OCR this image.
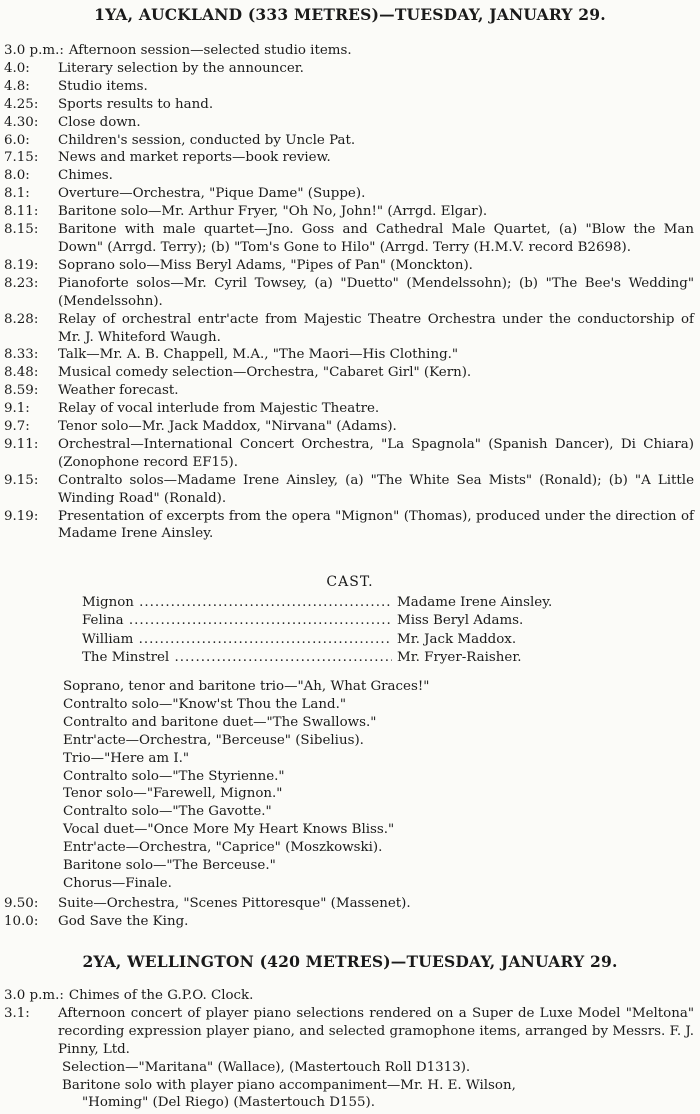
1YA, AUCKLAND (333 METRES)—TUESDAY, JANUARY 29.
3.0 p.m.: Afternoon session—selected studio items.
4.0:	Literary selection by the announcer.
4.8:	Studio items.
4.25:	Sports results to hand.
4.30:	Close down.
6.0:	Children's session, conducted by Uncle Pat.
7.15:	News and market reports—book review.
8.0:	Chimes.
8.1:	Overture—Orchestra, "Pique Dame" (Suppe).
8.11:	Baritone solo—Mr. Arthur Fryer, "Oh No, John!" (Arrgd. Elgar).
8.15:	Baritone with male quartet—Jno. Goss and Cathedral Male Quartet, (a) "Blow the Man Down" (Arrgd. Terry); (b) "Tom's Gone to Hilo" (Arrgd. Terry (H.M.V. record B2698).
8.19:	Soprano solo—Miss Beryl Adams, "Pipes of Pan" (Monckton).
8.23:	Pianoforte solos—Mr. Cyril Towsey, (a) "Duetto" (Mendelssohn); (b) "The Bee's Wedding" (Mendelssohn).
8.28:	Relay of orchestral entr'acte from Majestic Theatre Orchestra under the conductorship of Mr. J. Whiteford Waugh.
8.33:	Talk—Mr. A. B. Chappell, M.A., "The Maori—His Clothing."
8.48:	Musical comedy selection—Orchestra, "Cabaret Girl" (Kern).
8.59:	Weather forecast.
9.1:	Relay of vocal interlude from Majestic Theatre.
9.7:	Tenor solo—Mr. Jack Maddox, "Nirvana" (Adams).
9.11:	Orchestral—International Concert Orchestra, "La Spagnola" (Spanish Dancer), Di Chiara) (Zonophone record EF15).
9.15:	Contralto solos—Madame Irene Ainsley, (a) "The White Sea Mists" (Ronald); (b) "A Little Winding Road" (Ronald).
9.19:	Presentation of excerpts from the opera "Mignon" (Thomas), produced under the direction of Madame Irene Ainsley.
CAST.
Mignon .....	Madame Irene Ainsley.
Felina .....	Miss Beryl Adams.
William .....	Mr. Jack Maddox.
The Minstrel .....	Mr. Fryer-Raisher.
Soprano, tenor and baritone trio—"Ah, What Graces!"
Contralto solo—"Know'st Thou the Land."
Contralto and baritone duet—"The Swallows."
Entr'acte—Orchestra, "Berceuse" (Sibelius).
Trio—"Here am I."
Contralto solo—"The Styrienne."
Tenor solo—"Farewell, Mignon."
Contralto solo—"The Gavotte."
Vocal duet—"Once More My Heart Knows Bliss."
Entr'acte—Orchestra, "Caprice" (Moszkowski).
Baritone solo—"The Berceuse."
Chorus—Finale.
9.50:	Suite—Orchestra, "Scenes Pittoresque" (Massenet).
10.0:	God Save the King.
2YA, WELLINGTON (420 METRES)—TUESDAY, JANUARY 29.
3.0 p.m.: Chimes of the G.P.O. Clock.
3.1:	Afternoon concert of player piano selections rendered on a Super de Luxe Model "Meltona" recording expression player piano, and selected gramophone items, arranged by Messrs. F. J. Pinny, Ltd.
Selection—"Maritana" (Wallace), (Mastertouch Roll D1313).
Baritone solo with player piano accompaniment—Mr. H. E. Wilson,
"Homing" (Del Riego) (Mastertouch D155).
